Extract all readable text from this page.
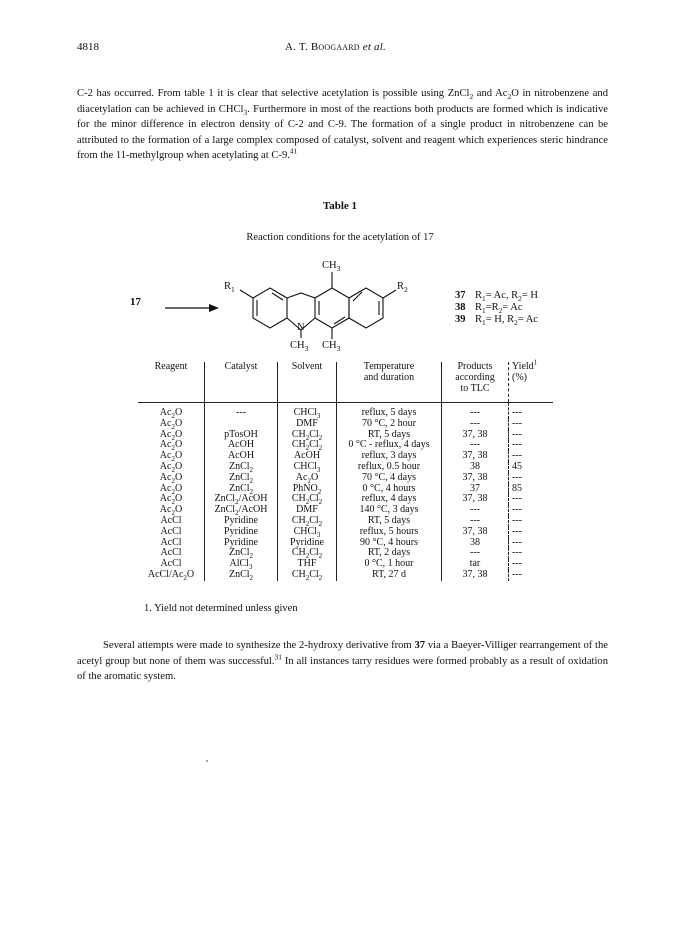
4818	A. T. Boogaard et al.
C-2 has occurred. From table 1 it is clear that selective acetylation is possible using ZnCl$_2$ and $Ac_2O$ in nitrobenzene and diacetylation can be achieved in CHCl$_3$. Furthermore in most of the reactions both products are formed which is indicative for the minor difference in electron density of C-2 and C-9. The formation of a single product in nitrobenzene can be attributed to the formation of a large complex composed of catalyst, solvent and reagent which experiences steric hindrance from the 11-methylgroup when acetylating at C-9.41
Table 1
Reaction conditions for the acetylation of 17
17 →
$R_1$	$R_2$
$CH_3$
N
$CH_3$ $CH_3$
37 $R_1= Ac$, $R_2= H$
38 $R_1=R_2= Ac$
39 $R_1= H$, $R_2= Ac$
Reagent	Catalyst	Solvent	Temperature
and duration	Products
according
to TLC	Yield$^1$
(%)
$Ac_2O$	---	CHCl$_3$	reflux, 5 days	---	---
$Ac_2O$		DMF	70 °C, 2 hour	---	---
$Ac_2O$	pTosOH	$CH_2Cl_2$	RT, 5 days	37, 38	---
$Ac_2O$	AcOH	$CH_2Cl_2$	0 °C - reflux, 4 days	---	---
$Ac_2O$	AcOH	AcOH	reflux, 3 days	37, 38	---
$Ac_2O$	ZnCl$_2$	CHCl$_3$	reflux, 0.5 hour	38	45
$Ac_2O$	ZnCl$_2$	$Ac_2O$	70 °C, 4 days	37, 38	---
$Ac_2O$	ZnCl$_2$	PhNO$_2$	0 °C, 4 hours	37	85
$Ac_2O$	ZnCl$_2$/AcOH	$CH_2Cl_2$	reflux, 4 days	37, 38	---
$Ac_2O$	ZnCl$_2$/AcOH	DMF	140 °C, 3 days	---	---
AcCl	Pyridine	$CH_2Cl_2$	RT, 5 days	---	---
AcCl	Pyridine	CHCl$_3$	reflux, 5 hours	37, 38	---
AcCl	Pyridine	Pyridine	90 °C, 4 hours	38	---
AcCl	ZnCl$_2$	$CH_2Cl_2$	RT, 2 days	---	---
AcCl	AlCl$_3$	THF	0 °C, 1 hour	tar	---
AcCl/$Ac_2O$	ZnCl$_2$	$CH_2Cl_2$	RT, 27 d	37, 38	---
1. Yield not determined unless given
Several attempts were made to synthesize the 2-hydroxy derivative from 37 via a Baeyer-Villiger rearrangement of the acetyl group but none of them was successful.$^{31}$ In all instances tarry residues were formed probably as a result of oxidation of the aromatic system.
